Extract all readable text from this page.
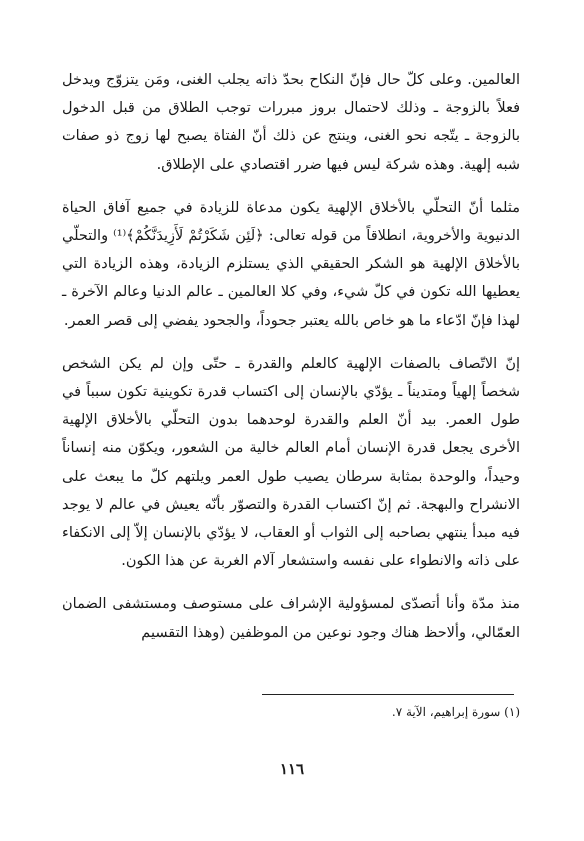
العالمين. وعلى كلّ حال فإنّ النكاح بحدّ ذاته يجلب الغنى، ومَن يتزوّج ويدخل فعلاً بالزوجة ـ وذلك لاحتمال بروز مبررات توجب الطلاق من قبل الدخول بالزوجة ـ يتّجه نحو الغنى، وينتج عن ذلك أنّ الفتاة يصبح لها زوج ذو صفات شبه إلهية. وهذه شركة ليس فيها ضرر اقتصادي على الإطلاق.

مثلما أنّ التحلّي بالأخلاق الإلهية يكون مدعاة للزيادة في جميع آفاق الحياة الدنيوية والأخروية، انطلاقاً من قوله تعالى: ﴿لَئِن شَكَرْتُمْ لَأَزِيدَنَّكُمْ﴾⁽¹⁾ والتحلّي بالأخلاق الإلهية هو الشكر الحقيقي الذي يستلزم الزيادة، وهذه الزيادة التي يعطيها الله تكون في كلّ شيء، وفي كلا العالمين ـ عالم الدنيا وعالم الآخرة ـ لهذا فإنّ ادّعاء ما هو خاص بالله يعتبر جحوداً، والجحود يفضي إلى قصر العمر.

إنّ الاتّصاف بالصفات الإلهية كالعلم والقدرة ـ حتّى وإن لم يكن الشخص شخصاً إلهياً ومتديناً ـ يؤدّي بالإنسان إلى اكتساب قدرة تكوينية تكون سبباً في طول العمر. بيد أنّ العلم والقدرة لوحدهما بدون التحلّي بالأخلاق الإلهية الأخرى يجعل قدرة الإنسان أمام العالم خالية من الشعور، ويكوّن منه إنساناً وحيداً، والوحدة بمثابة سرطان يصيب طول العمر ويلتهم كلّ ما يبعث على الانشراح والبهجة. ثم إنّ اكتساب القدرة والتصوّر بأنّه يعيش في عالم لا يوجد فيه مبدأ ينتهي بصاحبه إلى الثواب أو العقاب، لا يؤدّي بالإنسان إلاّ إلى الانكفاء على ذاته والانطواء على نفسه واستشعار آلام الغربة عن هذا الكون.

منذ مدّة وأنا أتصدّى لمسؤولية الإشراف على مستوصف ومستشفى الضمان العمّالي، وألاحظ هناك وجود نوعين من الموظفين (وهذا التقسيم

(١) سورة إبراهيم، الآية ٧.
١١٦
